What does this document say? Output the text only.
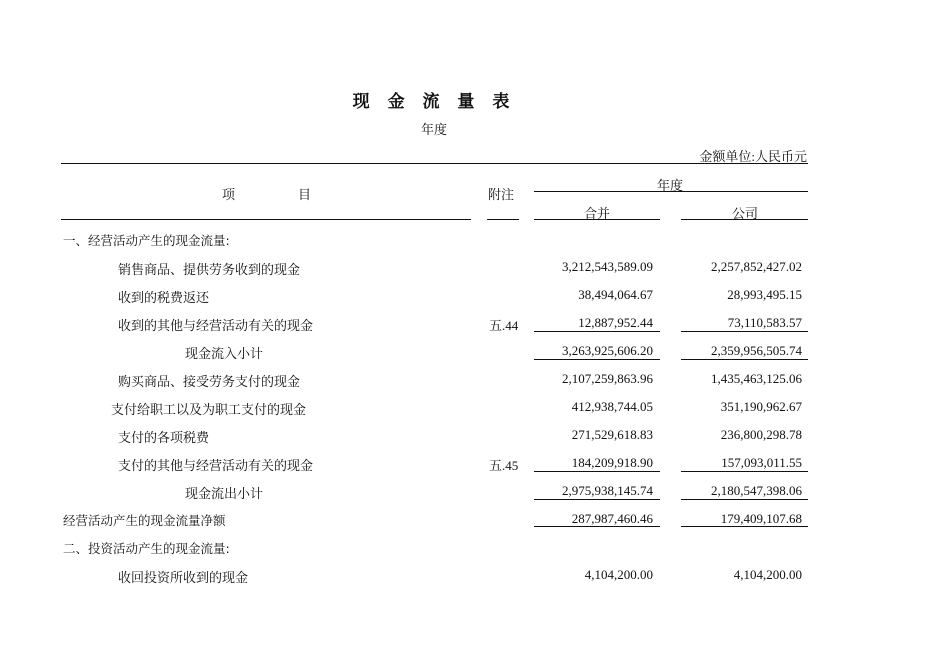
现 金 流 量 表
年度
金额单位:人民币元
项	目	附注
年度
合并	公司
一、经营活动产生的现金流量:
销售商品、提供劳务收到的现金	3,212,543,589.09	2,257,852,427.02
收到的税费返还	38,494,064.67	28,993,495.15
收到的其他与经营活动有关的现金	五.44	12,887,952.44	73,110,583.57
现金流入小计	3,263,925,606.20	2,359,956,505.74
购买商品、接受劳务支付的现金	2,107,259,863.96	1,435,463,125.06
支付给职工以及为职工支付的现金	412,938,744.05	351,190,962.67
支付的各项税费	271,529,618.83	236,800,298.78
支付的其他与经营活动有关的现金	五.45	184,209,918.90	157,093,011.55
现金流出小计	2,975,938,145.74	2,180,547,398.06
经营活动产生的现金流量净额	287,987,460.46	179,409,107.68
二、投资活动产生的现金流量:
收回投资所收到的现金	4,104,200.00	4,104,200.00
